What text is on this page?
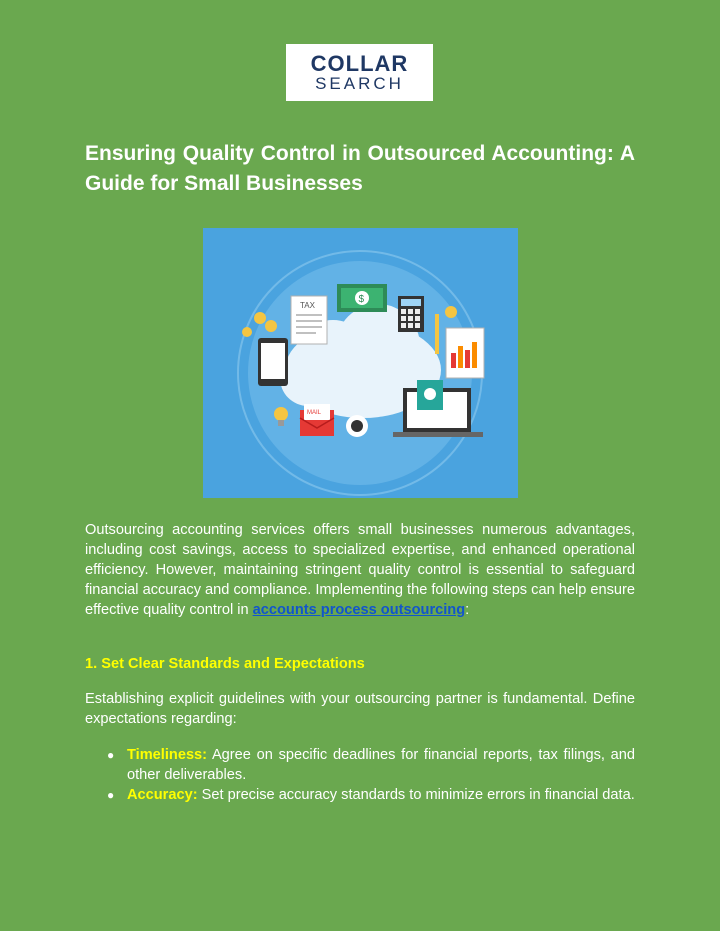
COLLAR
SEARCH
Ensuring Quality Control in Outsourced Accounting: A Guide for Small Businesses
TAX
$
MAIL

Outsourcing accounting services offers small businesses numerous advantages, including cost savings, access to specialized expertise, and enhanced operational efficiency. However, maintaining stringent quality control is essential to safeguard financial accuracy and compliance. Implementing the following steps can help ensure effective quality control in accounts process outsourcing:

1. Set Clear Standards and Expectations

Establishing explicit guidelines with your outsourcing partner is fundamental. Define expectations regarding:

● Timeliness: Agree on specific deadlines for financial reports, tax filings, and other deliverables.
● Accuracy: Set precise accuracy standards to minimize errors in financial data.
